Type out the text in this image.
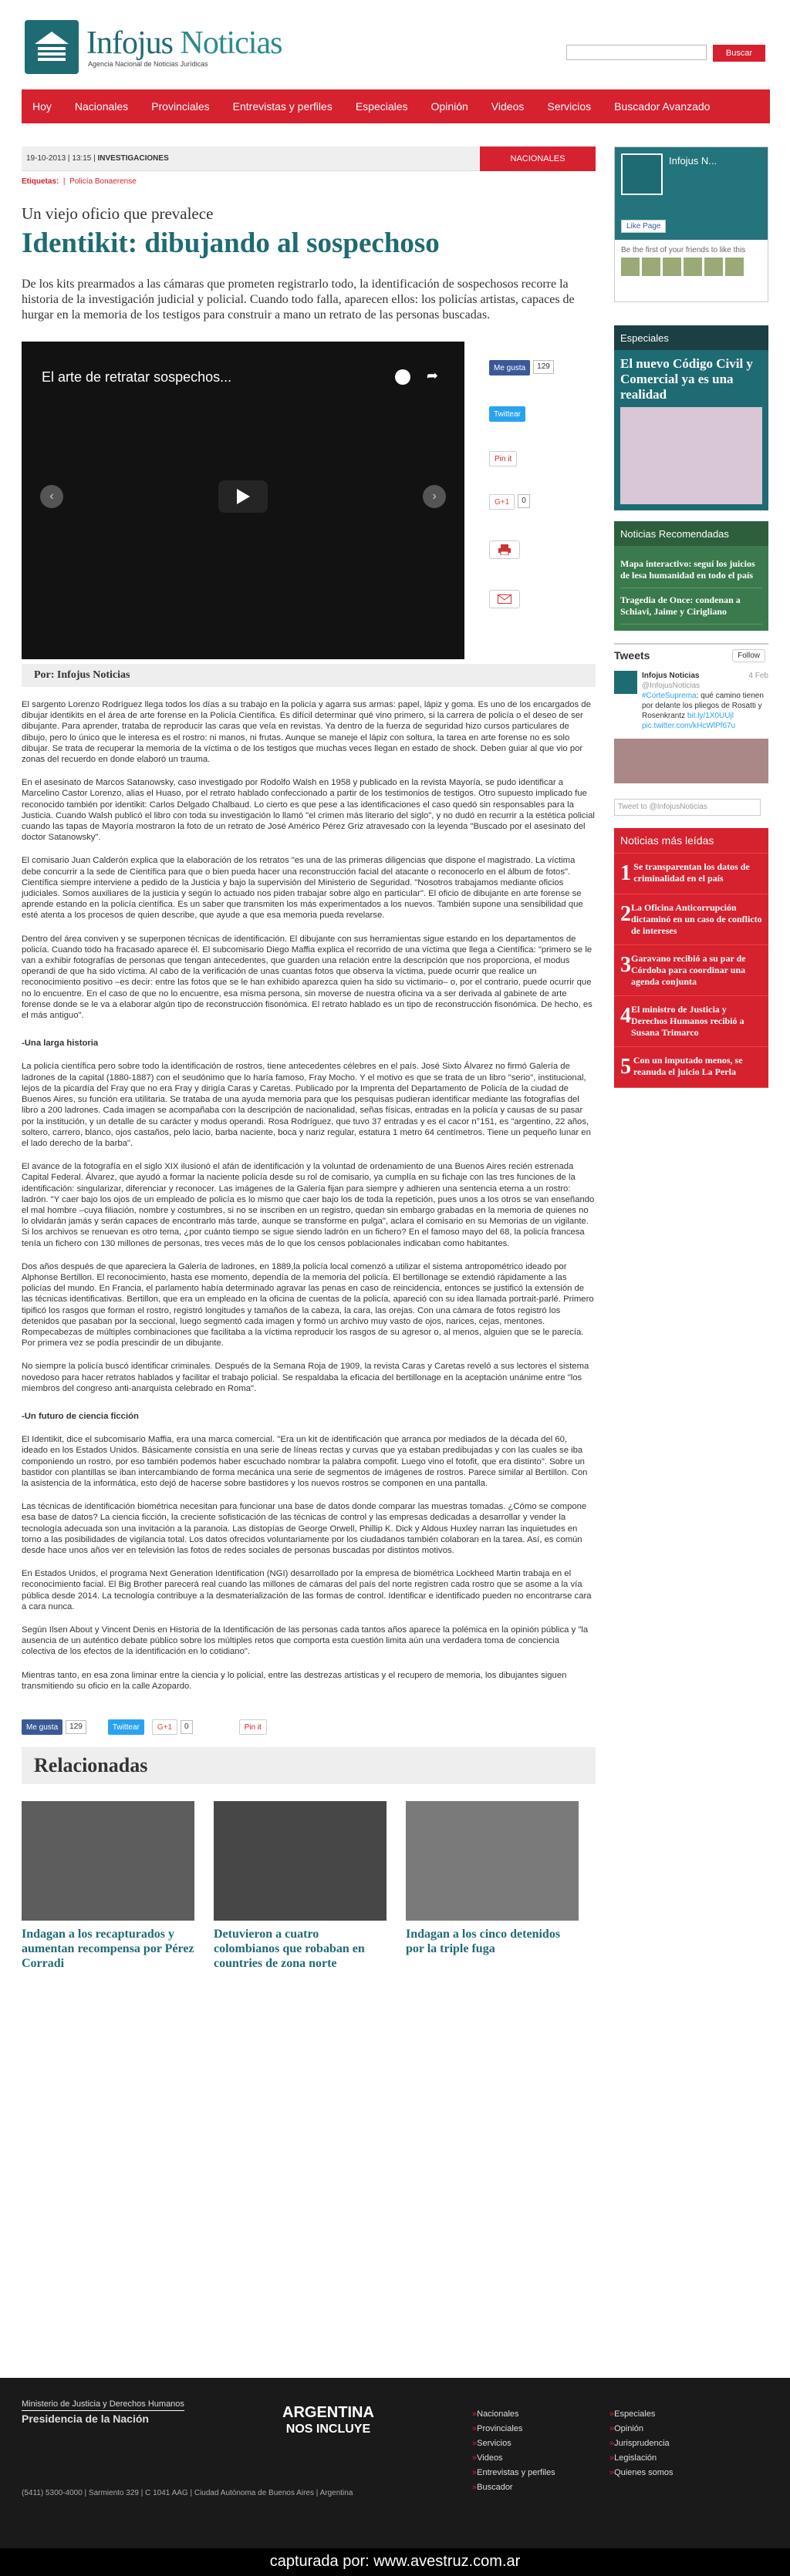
Infojus Noticias
Agencia Nacional de Noticias Jurídicas
Buscar
Hoy Nacionales Provinciales Entrevistas y perfiles Especiales Opinión Videos Servicios Buscador Avanzado
19-10-2013 | 13:15 | INVESTIGACIONES	NACIONALES
Etiquetas:  |  Policía Bonaerense
Un viejo oficio que prevalece
Identikit: dibujando al sospechoso
De los kits prearmados a las cámaras que prometen registrarlo todo, la identificación de sospechosos recorre la historia de la investigación judicial y policial. Cuando todo falla, aparecen ellos: los policías artistas, capaces de hurgar en la memoria de los testigos para construir a mano un retrato de las personas buscadas.
El arte de retratar sospechos...	➦
‹	›
Me gusta 129
Twittear
Pin it
G+1 0
Por: Infojus Noticias

El sargento Lorenzo Rodríguez llega todos los días a su trabajo en la policía y agarra sus armas: papel, lápiz y goma. Es uno de los encargados de dibujar identikits en el área de arte forense en la Policía Científica. Es difícil determinar qué vino primero, si la carrera de policía o el deseo de ser dibujante. Para aprender, trataba de reproducir las caras que veía en revistas. Ya dentro de la fuerza de seguridad hizo cursos particulares de dibujo, pero lo único que le interesa es el rostro: ni manos, ni frutas. Aunque se maneje el lápiz con soltura, la tarea en arte forense no es solo dibujar. Se trata de recuperar la memoria de la víctima o de los testigos que muchas veces llegan en estado de shock. Deben guiar al que vio por zonas del recuerdo en donde elaboró un trauma.

En el asesinato de Marcos Satanowsky, caso investigado por Rodolfo Walsh en 1958 y publicado en la revista Mayoría, se pudo identificar a Marcelino Castor Lorenzo, alias el Huaso, por el retrato hablado confeccionado a partir de los testimonios de testigos. Otro supuesto implicado fue reconocido también por identikit: Carlos Delgado Chalbaud. Lo cierto es que pese a las identificaciones el caso quedó sin responsables para la Justicia. Cuando Walsh publicó el libro con toda su investigación lo llamó "el crimen más literario del siglo", y no dudó en recurrir a la estética policial cuando las tapas de Mayoría mostraron la foto de un retrato de José Américo Pérez Griz atravesado con la leyenda "Buscado por el asesinato del doctor Satanowsky".

El comisario Juan Calderón explica que la elaboración de los retratos "es una de las primeras diligencias que dispone el magistrado. La víctima debe concurrir a la sede de Científica para que o bien pueda hacer una reconstrucción facial del atacante o reconocerlo en el álbum de fotos". Científica siempre interviene a pedido de la Justicia y bajo la supervisión del Ministerio de Seguridad. "Nosotros trabajamos mediante oficios judiciales. Somos auxiliares de la justicia y según lo actuado nos piden trabajar sobre algo en particular". El oficio de dibujante en arte forense se aprende estando en la policía científica. Es un saber que transmiten los más experimentados a los nuevos. También supone una sensibilidad que esté atenta a los procesos de quien describe, que ayude a que esa memoria pueda revelarse.

Dentro del área conviven y se superponen técnicas de identificación. El dibujante con sus herramientas sigue estando en los departamentos de policía. Cuando todo ha fracasado aparece él. El subcomisario Diego Maffia explica el recorrido de una víctima que llega a Científica: "primero se le van a exhibir fotografías de personas que tengan antecedentes, que guarden una relación entre la descripción que nos proporciona, el modus operandi de que ha sido víctima. Al cabo de la verificación de unas cuantas fotos que observa la víctima, puede ocurrir que realice un reconocimiento positivo –es decir: entre las fotos que se le han exhibido aparezca quien ha sido su victimario– o, por el contrario, puede ocurrir que no lo encuentre. En el caso de que no lo encuentre, esa misma persona, sin moverse de nuestra oficina va a ser derivada al gabinete de arte forense donde se le va a elaborar algún tipo de reconstrucción fisonómica. El retrato hablado es un tipo de reconstrucción fisonómica. De hecho, es el más antiguo".

-Una larga historia

La policía científica pero sobre todo la identificación de rostros, tiene antecedentes célebres en el país. José Sixto Álvarez no firmó Galería de ladrones de la capital (1880-1887) con el seudónimo que lo haría famoso, Fray Mocho. Y el motivo es que se trata de un libro "serio", institucional, lejos de la picardía del Fray que no era Fray y dirigía Caras y Caretas. Publicado por la Imprenta del Departamento de Policía de la ciudad de Buenos Aires, su función era utilitaria. Se trataba de una ayuda memoria para que los pesquisas pudieran identificar mediante las fotografías del libro a 200 ladrones. Cada imagen se acompañaba con la descripción de nacionalidad, señas físicas, entradas en la policía y causas de su pasar por la institución, y un detalle de su carácter y modus operandi. Rosa Rodríguez, que tuvo 37 entradas y es el cacor n°151, es "argentino, 22 años, soltero, carrero, blanco, ojos castaños, pelo lacio, barba naciente, boca y nariz regular, estatura 1 metro 64 centímetros. Tiene un pequeño lunar en el lado derecho de la barba".

El avance de la fotografía en el siglo XIX ilusionó el afán de identificación y la voluntad de ordenamiento de una Buenos Aires recién estrenada Capital Federal. Álvarez, que ayudó a formar la naciente policía desde su rol de comisario, ya cumplía en su fichaje con las tres funciones de la identificación: singularizar, diferenciar y reconocer. Las imágenes de la Galería fijan para siempre y adhieren una sentencia eterna a un rostro: ladrón. "Y caer bajo los ojos de un empleado de policía es lo mismo que caer bajo los de toda la repetición, pues unos a los otros se van enseñando el mal hombre –cuya filiación, nombre y costumbres, si no se inscriben en un registro, quedan sin embargo grabadas en la memoria de quienes no lo olvidarán jamás y serán capaces de encontrarlo más tarde, aunque se transforme en pulga", aclara el comisario en su Memorias de un vigilante. Si los archivos se renuevan es otro tema, ¿por cuánto tiempo se sigue siendo ladrón en un fichero? En el famoso mayo del 68, la policía francesa tenía un fichero con 130 millones de personas, tres veces más de lo que los censos poblacionales indicaban como habitantes.

Dos años después de que apareciera la Galería de ladrones, en 1889,la policía local comenzó a utilizar el sistema antropométrico ideado por Alphonse Bertillon. El reconocimiento, hasta ese momento, dependía de la memoria del policía. El bertillonage se extendió rápidamente a las policías del mundo. En Francia, el parlamento había determinado agravar las penas en caso de reincidencia, entonces se justificó la extensión de las técnicas identificativas. Bertillon, que era un empleado en la oficina de cuentas de la policía, apareció con su idea llamada portrait-parlé. Primero tipificó los rasgos que forman el rostro, registró longitudes y tamaños de la cabeza, la cara, las orejas. Con una cámara de fotos registró los detenidos que pasaban por la seccional, luego segmentó cada imagen y formó un archivo muy vasto de ojos, narices, cejas, mentones. Rompecabezas de múltiples combinaciones que facilitaba a la víctima reproducir los rasgos de su agresor o, al menos, alguien que se le parecía. Por primera vez se podía prescindir de un dibujante.

No siempre la policía buscó identificar criminales. Después de la Semana Roja de 1909, la revista Caras y Caretas reveló a sus lectores el sistema novedoso para hacer retratos hablados y facilitar el trabajo policial. Se respaldaba la eficacia del bertillonage en la aceptación unánime entre "los miembros del congreso anti-anarquista celebrado en Roma".

-Un futuro de ciencia ficción

El Identikit, dice el subcomisario Maffia, era una marca comercial. "Era un kit de identificación que arranca por mediados de la década del 60, ideado en los Estados Unidos. Básicamente consistía en una serie de líneas rectas y curvas que ya estaban predibujadas y con las cuales se iba componiendo un rostro, por eso también podemos haber escuchado nombrar la palabra compofit. Luego vino el fotofit, que era distinto". Sobre un bastidor con plantillas se iban intercambiando de forma mecánica una serie de segmentos de imágenes de rostros. Parece similar al Bertillon. Con la asistencia de la informática, esto dejó de hacerse sobre bastidores y los nuevos rostros se componen en una pantalla.

Las técnicas de identificación biométrica necesitan para funcionar una base de datos donde comparar las muestras tomadas. ¿Cómo se compone esa base de datos? La ciencia ficción, la creciente sofisticación de las técnicas de control y las empresas dedicadas a desarrollar y vender la tecnología adecuada son una invitación a la paranoia. Las distopías de George Orwell, Phillip K. Dick y Aldous Huxley narran las inquietudes en torno a las posibilidades de vigilancia total. Los datos ofrecidos voluntariamente por los ciudadanos también colaboran en la tarea. Así, es común desde hace unos años ver en televisión las fotos de redes sociales de personas buscadas por distintos motivos.

En Estados Unidos, el programa Next Generation Identification (NGI) desarrollado por la empresa de biométrica Lockheed Martin trabaja en el reconocimiento facial. El Big Brother parecerá real cuando las millones de cámaras del país del norte registren cada rostro que se asome a la vía pública desde 2014. La tecnología contribuye a la desmaterialización de las formas de control. Identificar e identificado pueden no encontrarse cara a cara nunca.

Según Ilsen About y Vincent Denis en Historia de la Identificación de las personas cada tantos años aparece la polémica en la opinión pública y "la ausencia de un auténtico debate público sobre los múltiples retos que comporta esta cuestión limita aún una verdadera toma de conciencia colectiva de los efectos de la identificación en lo cotidiano".

Mientras tanto, en esa zona liminar entre la ciencia y lo policial, entre las destrezas artísticas y el recupero de memoria, los dibujantes siguen transmitiendo su oficio en la calle Azopardo.

Me gusta	129	Twittear	G+1	0	Pin it
Relacionadas
Indagan a los recapturados y aumentan recompensa por Pérez Corradi
Detuvieron a cuatro colombianos que robaban en countries de zona norte
Indagan a los cinco detenidos por la triple fuga
Infojus N...
Like Page
Be the first of your friends to like this
Especiales
El nuevo Código Civil y Comercial ya es una realidad
Noticias Recomendadas
Mapa interactivo: seguí los juicios de lesa humanidad en todo el país
Tragedia de Once: condenan a Schiavi, Jaime y Cirigliano
Tweets	Follow
Infojus Noticias	4 Feb

@InfojusNoticias
#CorteSuprema: qué camino tienen por delante los pliegos de Rosatti y Rosenkrantz bit.ly/1X0UUjl
pic.twitter.com/kHcWlPf67u
Tweet to @InfojusNoticias
Noticias más leídas
1 Se transparentan los datos de criminalidad en el país
2 La Oficina Anticorrupción dictaminó en un caso de conflicto de intereses
3 Garavano recibió a su par de Córdoba para coordinar una agenda conjunta
4 El ministro de Justicia y Derechos Humanos recibió a Susana Trimarco
5 Con un imputado menos, se reanuda el juicio La Perla
Ministerio de Justicia y Derechos Humanos
Presidencia de la Nación	ARGENTINA
NOS INCLUYE
(5411) 5300-4000 | Sarmiento 329 | C 1041 AAG | Ciudad Autónoma de Buenos Aires | Argentina
» Nacionales
» Provinciales
» Servicios
» Videos
» Entrevistas y perfiles
» Buscador
» Especiales
» Opinión
» Jurisprudencia
» Legislación
» Quienes somos
capturada por: www.avestruz.com.ar
